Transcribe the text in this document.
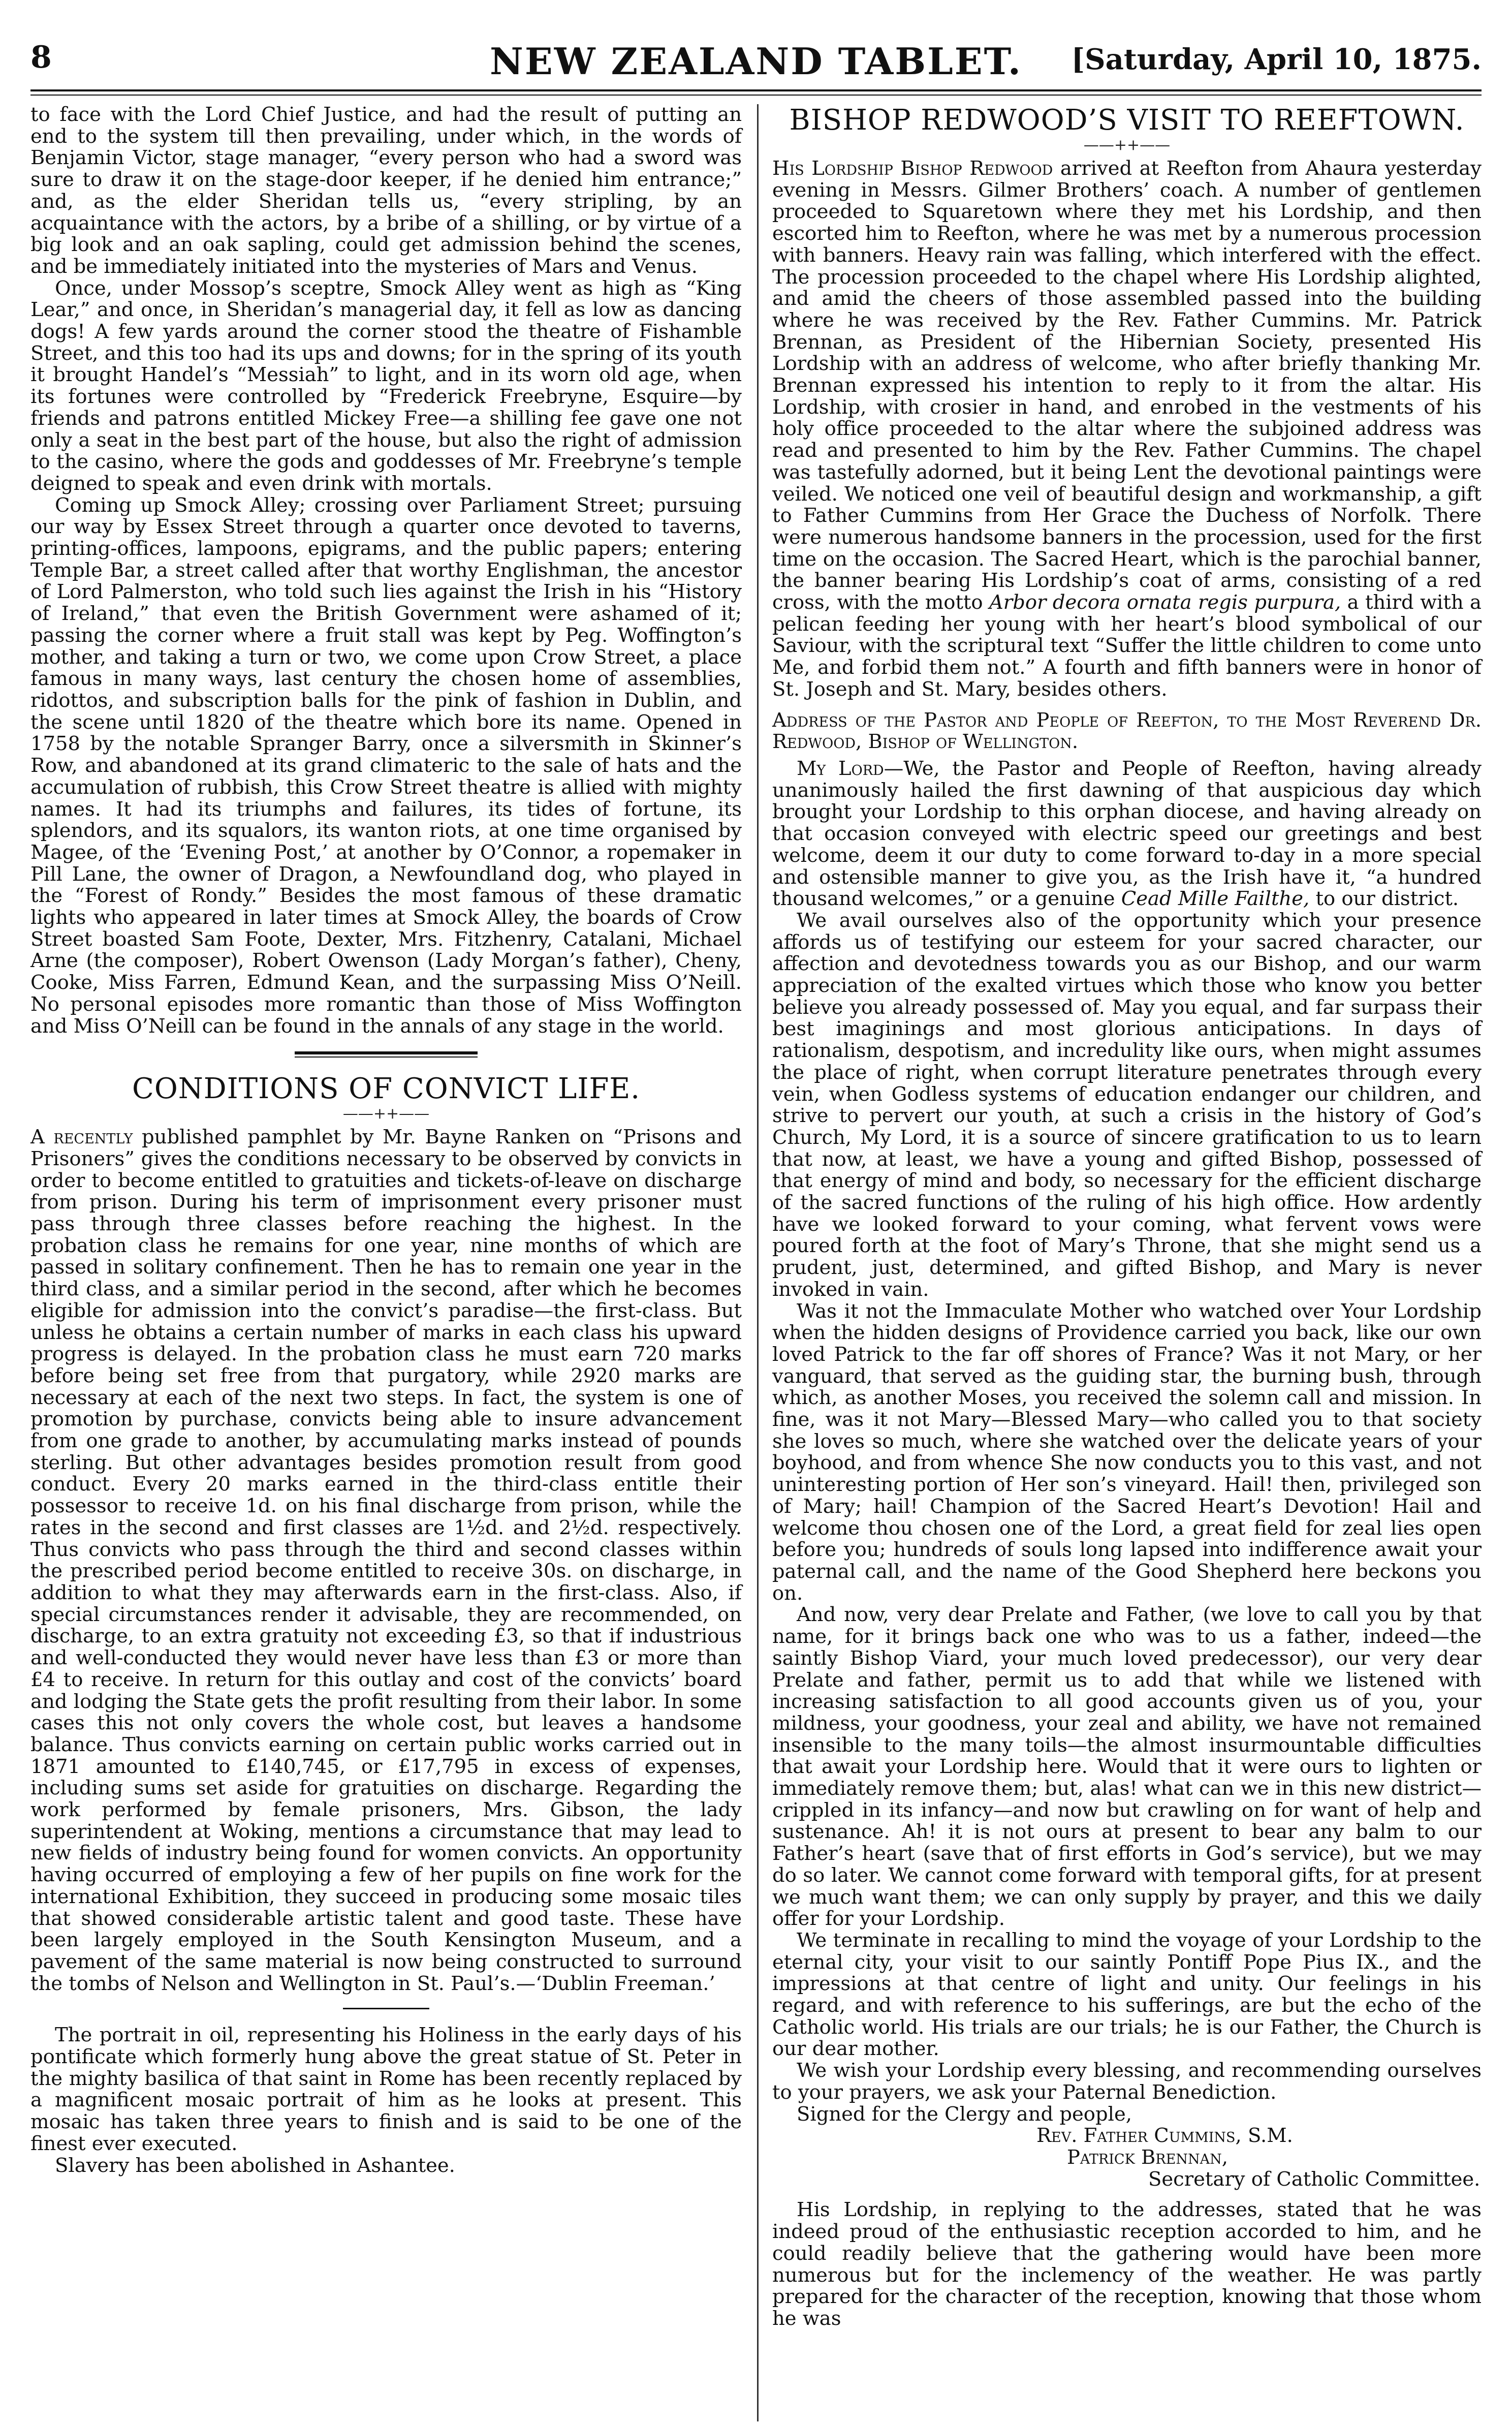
8	NEW ZEALAND TABLET.	[Saturday, April 10, 1875.

to face with the Lord Chief Justice, and had the result of putting an end to the system till then prevailing, under which, in the words of Benjamin Victor, stage manager, “every person who had a sword was sure to draw it on the stage-door keeper, if he denied him entrance;” and, as the elder Sheridan tells us, “every stripling, by an acquaintance with the actors, by a bribe of a shilling, or by virtue of a big look and an oak sapling, could get admission behind the scenes, and be immediately initiated into the mysteries of Mars and Venus.

Once, under Mossop’s sceptre, Smock Alley went as high as “King Lear,” and once, in Sheridan’s managerial day, it fell as low as dancing dogs! A few yards around the corner stood the theatre of Fishamble Street, and this too had its ups and downs; for in the spring of its youth it brought Handel’s “Messiah” to light, and in its worn old age, when its fortunes were controlled by “Frederick Freebryne, Esquire—by friends and patrons entitled Mickey Free—a shilling fee gave one not only a seat in the best part of the house, but also the right of admission to the casino, where the gods and goddesses of Mr. Freebryne’s temple deigned to speak and even drink with mortals.

Coming up Smock Alley; crossing over Parliament Street; pursuing our way by Essex Street through a quarter once devoted to taverns, printing-offices, lampoons, epigrams, and the public papers; entering Temple Bar, a street called after that worthy Englishman, the ancestor of Lord Palmerston, who told such lies against the Irish in his “History of Ireland,” that even the British Government were ashamed of it; passing the corner where a fruit stall was kept by Peg. Woffington’s mother, and taking a turn or two, we come upon Crow Street, a place famous in many ways, last century the chosen home of assemblies, ridottos, and subscription balls for the pink of fashion in Dublin, and the scene until 1820 of the theatre which bore its name. Opened in 1758 by the notable Spranger Barry, once a silversmith in Skinner’s Row, and abandoned at its grand climateric to the sale of hats and the accumulation of rubbish, this Crow Street theatre is allied with mighty names. It had its triumphs and failures, its tides of fortune, its splendors, and its squalors, its wanton riots, at one time organised by Magee, of the ‘Evening Post,’ at another by O’Connor, a ropemaker in Pill Lane, the owner of Dragon, a Newfoundland dog, who played in the “Forest of Rondy.” Besides the most famous of these dramatic lights who appeared in later times at Smock Alley, the boards of Crow Street boasted Sam Foote, Dexter, Mrs. Fitzhenry, Catalani, Michael Arne (the composer), Robert Owenson (Lady Morgan’s father), Cheny, Cooke, Miss Farren, Edmund Kean, and the surpassing Miss O’Neill. No personal episodes more romantic than those of Miss Woffington and Miss O’Neill can be found in the annals of any stage in the world.

CONDITIONS OF CONVICT LIFE.
——++——

A recently published pamphlet by Mr. Bayne Ranken on “Prisons and Prisoners” gives the conditions necessary to be observed by convicts in order to become entitled to gratuities and tickets-of-leave on discharge from prison. During his term of imprisonment every prisoner must pass through three classes before reaching the highest. In the probation class he remains for one year, nine months of which are passed in solitary confinement. Then he has to remain one year in the third class, and a similar period in the second, after which he becomes eligible for admission into the convict’s paradise—the first-class. But unless he obtains a certain number of marks in each class his upward progress is delayed. In the probation class he must earn 720 marks before being set free from that purgatory, while 2920 marks are necessary at each of the next two steps. In fact, the system is one of promotion by purchase, convicts being able to insure advancement from one grade to another, by accumulating marks instead of pounds sterling. But other advantages besides promotion result from good conduct. Every 20 marks earned in the third-class entitle their possessor to receive 1d. on his final discharge from prison, while the rates in the second and first classes are 1½d. and 2½d. respectively. Thus convicts who pass through the third and second classes within the prescribed period become entitled to receive 30s. on discharge, in addition to what they may afterwards earn in the first-class. Also, if special circumstances render it advisable, they are recommended, on discharge, to an extra gratuity not exceeding £3, so that if industrious and well-conducted they would never have less than £3 or more than £4 to receive. In return for this outlay and cost of the convicts’ board and lodging the State gets the profit resulting from their labor. In some cases this not only covers the whole cost, but leaves a handsome balance. Thus convicts earning on certain public works carried out in 1871 amounted to £140,745, or £17,795 in excess of expenses, including sums set aside for gratuities on discharge. Regarding the work performed by female prisoners, Mrs. Gibson, the lady superintendent at Woking, mentions a circumstance that may lead to new fields of industry being found for women convicts. An opportunity having occurred of employing a few of her pupils on fine work for the international Exhibition, they succeed in producing some mosaic tiles that showed considerable artistic talent and good taste. These have been largely employed in the South Kensington Museum, and a pavement of the same material is now being constructed to surround the tombs of Nelson and Wellington in St. Paul’s.—‘Dublin Freeman.’

The portrait in oil, representing his Holiness in the early days of his pontificate which formerly hung above the great statue of St. Peter in the mighty basilica of that saint in Rome has been recently replaced by a magnificent mosaic portrait of him as he looks at present. This mosaic has taken three years to finish and is said to be one of the finest ever executed.

Slavery has been abolished in Ashantee.

BISHOP REDWOOD’S VISIT TO REEFTOWN.
——++——

His Lordship Bishop Redwood arrived at Reefton from Ahaura yesterday evening in Messrs. Gilmer Brothers’ coach. A number of gentlemen proceeded to Squaretown where they met his Lordship, and then escorted him to Reefton, where he was met by a numerous procession with banners. Heavy rain was falling, which interfered with the effect. The procession proceeded to the chapel where His Lordship alighted, and amid the cheers of those assembled passed into the building where he was received by the Rev. Father Cummins. Mr. Patrick Brennan, as President of the Hibernian Society, presented His Lordship with an address of welcome, who after briefly thanking Mr. Brennan expressed his intention to reply to it from the altar. His Lordship, with crosier in hand, and enrobed in the vestments of his holy office proceeded to the altar where the subjoined address was read and presented to him by the Rev. Father Cummins. The chapel was tastefully adorned, but it being Lent the devotional paintings were veiled. We noticed one veil of beautiful design and workmanship, a gift to Father Cummins from Her Grace the Duchess of Norfolk. There were numerous handsome banners in the procession, used for the first time on the occasion. The Sacred Heart, which is the parochial banner, the banner bearing His Lordship’s coat of arms, consisting of a red cross, with the motto Arbor decora ornata regis purpura, a third with a pelican feeding her young with her heart’s blood symbolical of our Saviour, with the scriptural text “Suffer the little children to come unto Me, and forbid them not.” A fourth and fifth banners were in honor of St. Joseph and St. Mary, besides others.

Address of the Pastor and People of Reefton, to the Most Reverend Dr. Redwood, Bishop of Wellington.

My Lord—We, the Pastor and People of Reefton, having already unanimously hailed the first dawning of that auspicious day which brought your Lordship to this orphan diocese, and having already on that occasion conveyed with electric speed our greetings and best welcome, deem it our duty to come forward to-day in a more special and ostensible manner to give you, as the Irish have it, “a hundred thousand welcomes,” or a genuine Cead Mille Failthe, to our district.

We avail ourselves also of the opportunity which your presence affords us of testifying our esteem for your sacred character, our affection and devotedness towards you as our Bishop, and our warm appreciation of the exalted virtues which those who know you better believe you already possessed of. May you equal, and far surpass their best imaginings and most glorious anticipations. In days of rationalism, despotism, and incredulity like ours, when might assumes the place of right, when corrupt literature penetrates through every vein, when Godless systems of education endanger our children, and strive to pervert our youth, at such a crisis in the history of God’s Church, My Lord, it is a source of sincere gratification to us to learn that now, at least, we have a young and gifted Bishop, possessed of that energy of mind and body, so necessary for the efficient discharge of the sacred functions of the ruling of his high office. How ardently have we looked forward to your coming, what fervent vows were poured forth at the foot of Mary’s Throne, that she might send us a prudent, just, determined, and gifted Bishop, and Mary is never invoked in vain.

Was it not the Immaculate Mother who watched over Your Lordship when the hidden designs of Providence carried you back, like our own loved Patrick to the far off shores of France? Was it not Mary, or her vanguard, that served as the guiding star, the burning bush, through which, as another Moses, you received the solemn call and mission. In fine, was it not Mary—Blessed Mary—who called you to that society she loves so much, where she watched over the delicate years of your boyhood, and from whence She now conducts you to this vast, and not uninteresting portion of Her son’s vineyard. Hail! then, privileged son of Mary; hail! Champion of the Sacred Heart’s Devotion! Hail and welcome thou chosen one of the Lord, a great field for zeal lies open before you; hundreds of souls long lapsed into indifference await your paternal call, and the name of the Good Shepherd here beckons you on.

And now, very dear Prelate and Father, (we love to call you by that name, for it brings back one who was to us a father, indeed—the saintly Bishop Viard, your much loved predecessor), our very dear Prelate and father, permit us to add that while we listened with increasing satisfaction to all good accounts given us of you, your mildness, your goodness, your zeal and ability, we have not remained insensible to the many toils—the almost insurmountable difficulties that await your Lordship here. Would that it were ours to lighten or immediately remove them; but, alas! what can we in this new district—crippled in its infancy—and now but crawling on for want of help and sustenance. Ah! it is not ours at present to bear any balm to our Father’s heart (save that of first efforts in God’s service), but we may do so later. We cannot come forward with temporal gifts, for at present we much want them; we can only supply by prayer, and this we daily offer for your Lordship.

We terminate in recalling to mind the voyage of your Lordship to the eternal city, your visit to our saintly Pontiff Pope Pius IX., and the impressions at that centre of light and unity. Our feelings in his regard, and with reference to his sufferings, are but the echo of the Catholic world. His trials are our trials; he is our Father, the Church is our dear mother.

We wish your Lordship every blessing, and recommending ourselves to your prayers, we ask your Paternal Benediction.

Signed for the Clergy and people,

Rev. Father Cummins, S.M.

Patrick Brennan,

Secretary of Catholic Committee.

His Lordship, in replying to the addresses, stated that he was indeed proud of the enthusiastic reception accorded to him, and he could readily believe that the gathering would have been more numerous but for the inclemency of the weather. He was partly prepared for the character of the reception, knowing that those whom he was
